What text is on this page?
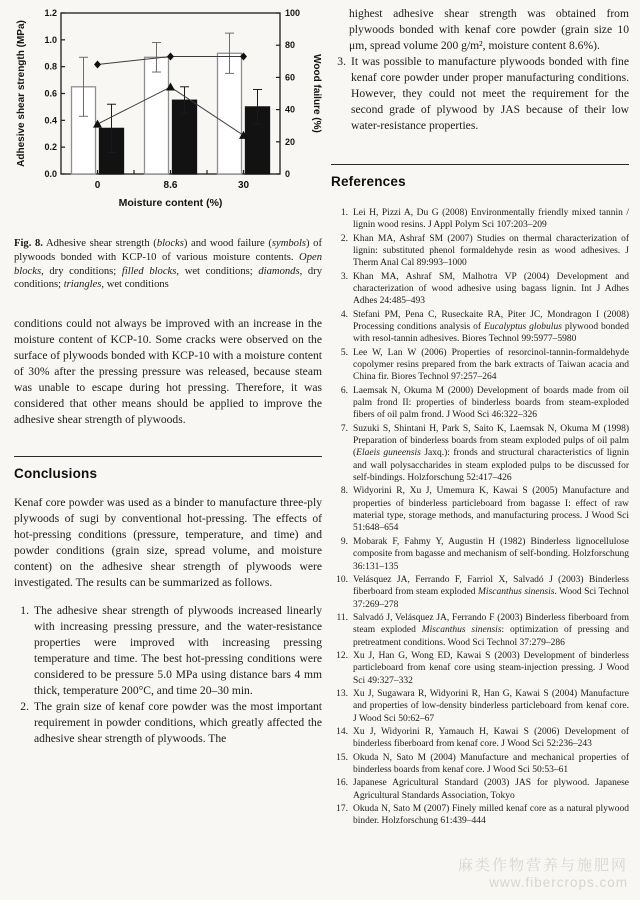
0.0
0.2
0.4
0.6
0.8
1.0
1.2
0
20
40
60
80
100
0	8.6	30
Adhesive shear strength (MPa)	Wood failure (%)
Moisture content (%)
Fig. 8. Adhesive shear strength (blocks) and wood failure (symbols) of plywoods bonded with KCP-10 of various moisture contents. Open blocks, dry conditions; filled blocks, wet conditions; diamonds, dry conditions; triangles, wet conditions

conditions could not always be improved with an increase in the moisture content of KCP-10. Some cracks were observed on the surface of plywoods bonded with KCP-10 with a moisture content of 30% after the pressing pressure was released, because steam was unable to escape during hot pressing. Therefore, it was considered that other means should be applied to improve the adhesive shear strength of plywoods.

Conclusions

Kenaf core powder was used as a binder to manufacture three-ply plywoods of sugi by conventional hot-pressing. The effects of hot-pressing conditions (pressure, temperature, and time) and powder conditions (grain size, spread volume, and moisture content) on the adhesive shear strength of plywoods were investigated. The results can be summarized as follows.

1. The adhesive shear strength of plywoods increased linearly with increasing pressing pressure, and the water-resistance properties were improved with increasing pressing temperature and time. The best hot-pressing conditions were considered to be pressure 5.0 MPa using distance bars 4 mm thick, temperature 200°C, and time 20–30 min.
2. The grain size of kenaf core powder was the most important requirement in powder conditions, which greatly affected the adhesive shear strength of plywoods. The

highest adhesive shear strength was obtained from plywoods bonded with kenaf core powder (grain size 10 μm, spread volume 200 g/m², moisture content 8.6%).

3. It was possible to manufacture plywoods bonded with fine kenaf core powder under proper manufacturing conditions. However, they could not meet the requirement for the second grade of plywood by JAS because of their low water-resistance properties.
References
1. Lei H, Pizzi A, Du G (2008) Environmentally friendly mixed tannin / lignin wood resins. J Appl Polym Sci 107:203–209
2. Khan MA, Ashraf SM (2007) Studies on thermal characterization of lignin: substituted phenol formaldehyde resin as wood adhesives. J Therm Anal Cal 89:993–1000
3. Khan MA, Ashraf SM, Malhotra VP (2004) Development and characterization of wood adhesive using bagass lignin. Int J Adhes Adhes 24:485–493
4. Stefani PM, Pena C, Ruseckaite RA, Piter JC, Mondragon I (2008) Processing conditions analysis of Eucalyptus globulus plywood bonded with resol-tannin adhesives. Biores Technol 99:5977–5980
5. Lee W, Lan W (2006) Properties of resorcinol-tannin-formaldehyde copolymer resins prepared from the bark extracts of Taiwan acacia and China fir. Biores Technol 97:257–264
6. Laemsak N, Okuma M (2000) Development of boards made from oil palm frond II: properties of binderless boards from steam-exploded fibers of oil palm frond. J Wood Sci 46:322–326
7. Suzuki S, Shintani H, Park S, Saito K, Laemsak N, Okuma M (1998) Preparation of binderless boards from steam exploded pulps of oil palm (Elaeis guneensis Jaxq.): fronds and structural characteristics of lignin and wall polysaccharides in steam exploded pulps to be discussed for self-bindings. Holzforschung 52:417–426
8. Widyorini R, Xu J, Umemura K, Kawai S (2005) Manufacture and properties of binderless particleboard from bagasse I: effect of raw material type, storage methods, and manufacturing process. J Wood Sci 51:648–654
9. Mobarak F, Fahmy Y, Augustin H (1982) Binderless lignocellulose composite from bagasse and mechanism of self-bonding. Holzforschung 36:131–135
10. Velásquez JA, Ferrando F, Farriol X, Salvadó J (2003) Binderless fiberboard from steam exploded Miscanthus sinensis. Wood Sci Technol 37:269–278
11. Salvadó J, Velásquez JA, Ferrando F (2003) Binderless fiberboard from steam exploded Miscanthus sinensis: optimization of pressing and pretreatment conditions. Wood Sci Technol 37:279–286
12. Xu J, Han G, Wong ED, Kawai S (2003) Development of binderless particleboard from kenaf core using steam-injection pressing. J Wood Sci 49:327–332
13. Xu J, Sugawara R, Widyorini R, Han G, Kawai S (2004) Manufacture and properties of low-density binderless particleboard from kenaf core. J Wood Sci 50:62–67
14. Xu J, Widyorini R, Yamauch H, Kawai S (2006) Development of binderless fiberboard from kenaf core. J Wood Sci 52:236–243
15. Okuda N, Sato M (2004) Manufacture and mechanical properties of binderless boards from kenaf core. J Wood Sci 50:53–61
16. Japanese Agricultural Standard (2003) JAS for plywood. Japanese Agricultural Standards Association, Tokyo
17. Okuda N, Sato M (2007) Finely milled kenaf core as a natural plywood binder. Holzforschung 61:439–444
麻类作物营养与施肥网
www.fibercrops.com
